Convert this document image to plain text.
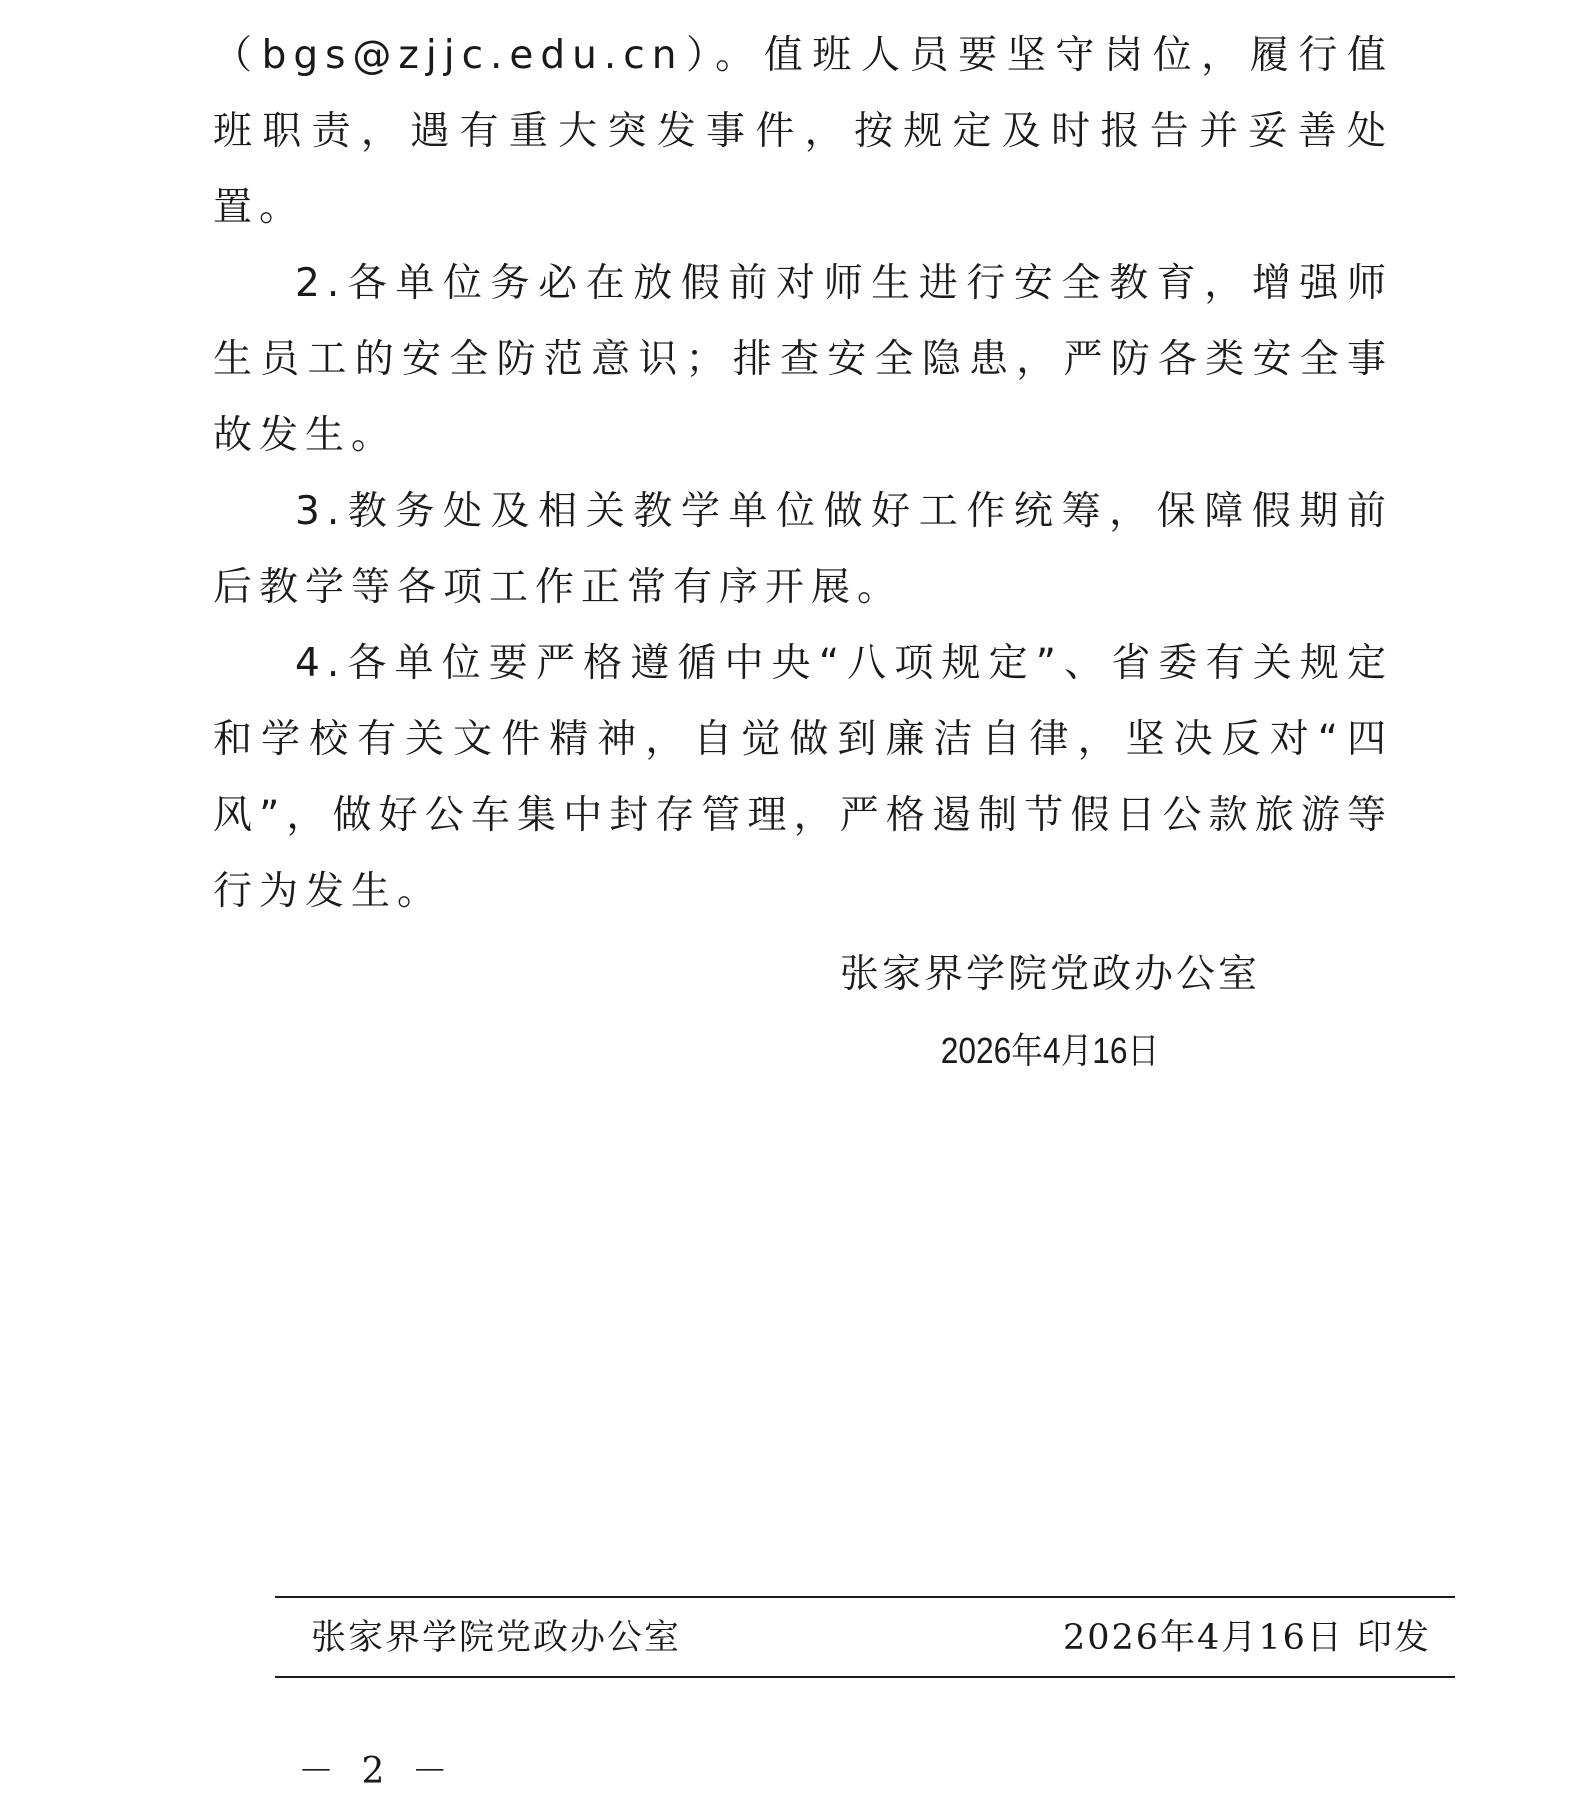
（bgs@zjjc.edu.cn）。值班人员要坚守岗位，履行值班职责，遇有重大突发事件，按规定及时报告并妥善处置。

2.各单位务必在放假前对师生进行安全教育，增强师生员工的安全防范意识；排查安全隐患，严防各类安全事故发生。

3.教务处及相关教学单位做好工作统筹，保障假期前后教学等各项工作正常有序开展。

4.各单位要严格遵循中央“八项规定”、省委有关规定和学校有关文件精神，自觉做到廉洁自律，坚决反对“四风”，做好公车集中封存管理，严格遏制节假日公款旅游等行为发生。

张家界学院党政办公室
2026年4月16日
张家界学院党政办公室	2026年4月16日 印发
－ 2 －
